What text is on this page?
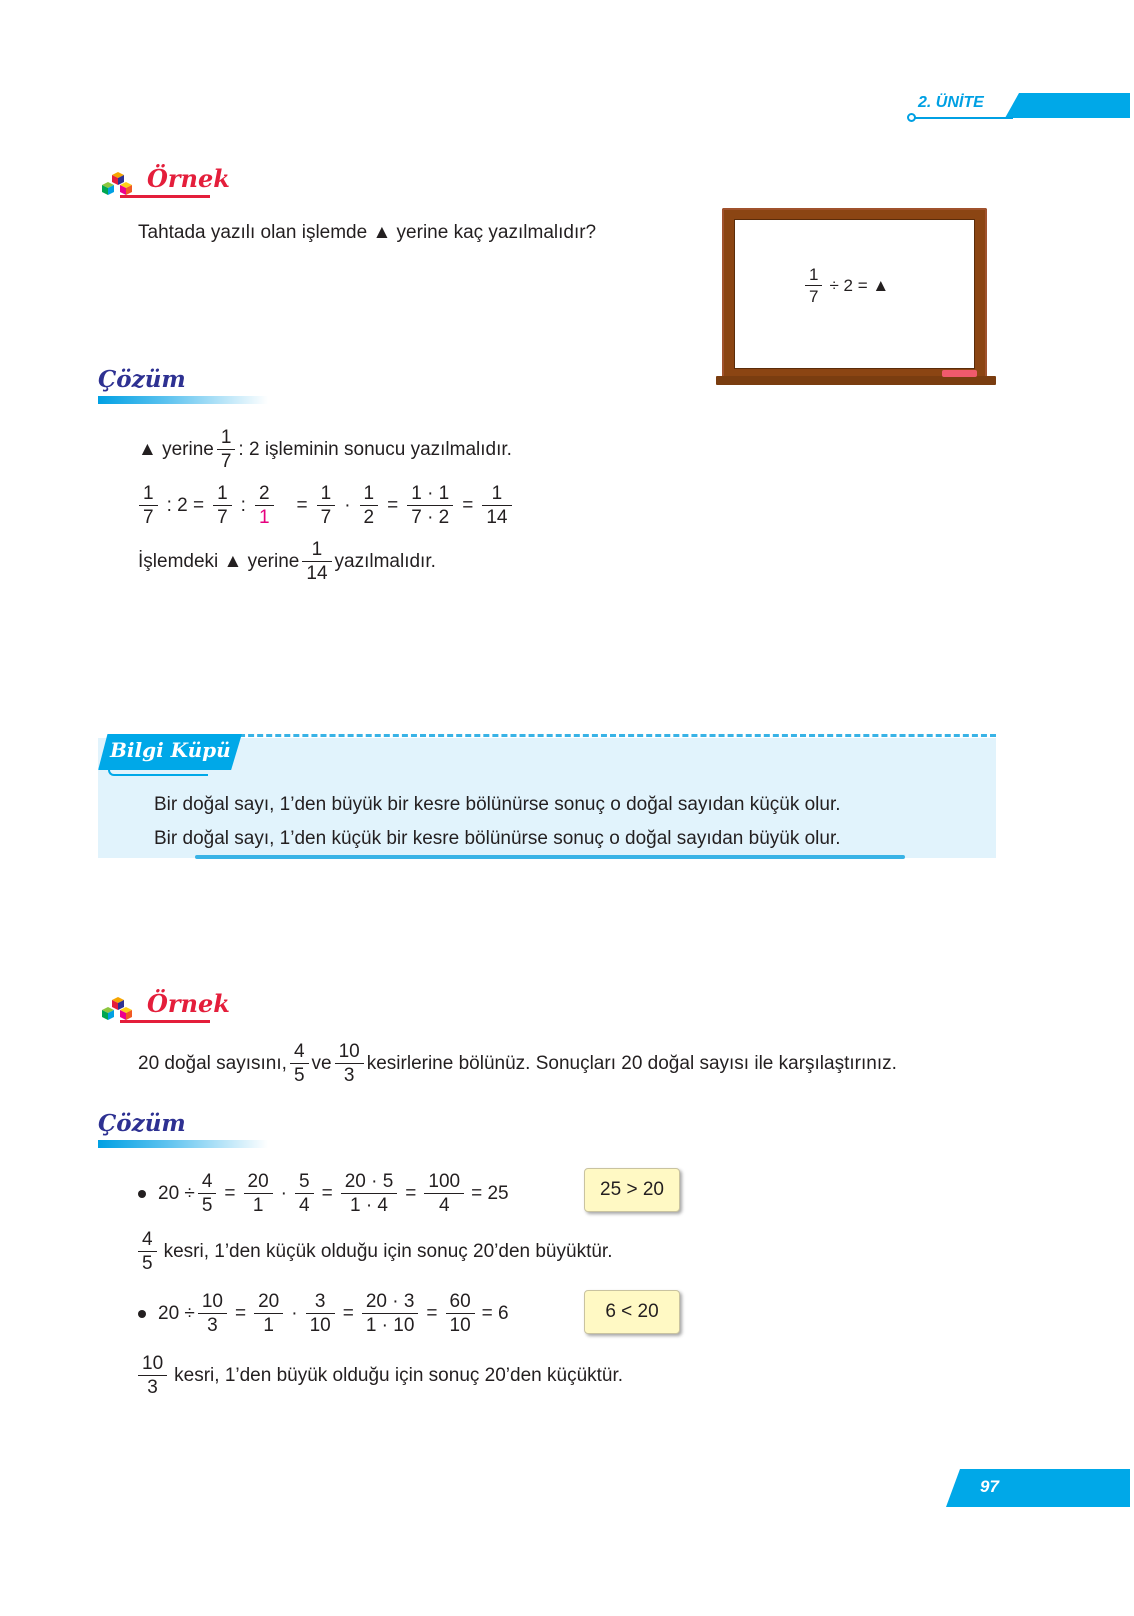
2. ÜNİTE
Örnek
Tahtada yazılı olan işlemde ▲ yerine kaç yazılmalıdır?
$\frac{1}{7} \div 2$ = ▲
Çözüm
▲ yerine $\frac{1}{7}$ : 2 işleminin sonucu yazılmalıdır.
$\frac{1}{7}$ : $2 = \frac{1}{7}$ : $\frac{2}{1} = \frac{1}{7} \cdot \frac{1}{2} = \frac{1 \cdot 1}{7 \cdot 2} = \frac{1}{14}$
İşlemdeki ▲ yerine $\frac{1}{14}$ yazılmalıdır.
Bilgi Küpü
Bir doğal sayı, 1’den büyük bir kesre bölünürse sonuç o doğal sayıdan küçük olur.
Bir doğal sayı, 1’den küçük bir kesre bölünürse sonuç o doğal sayıdan büyük olur.
Örnek
20 doğal sayısını, $\frac{4}{5}$ ve $\frac{10}{3}$ kesirlerine bölünüz. Sonuçları 20 doğal sayısı ile karşılaştırınız.
Çözüm
$20 \div \frac{4}{5} = \frac{20}{1} \cdot \frac{5}{4} = \frac{20 \cdot 5}{1 \cdot 4} = \frac{100}{4} = 25$	25 > 20
$\frac{4}{5}$ kesri, 1’den küçük olduğu için sonuç 20’den büyüktür.
$20 \div \frac{10}{3} = \frac{20}{1} \cdot \frac{3}{10} = \frac{20 \cdot 3}{1 \cdot 10} = \frac{60}{10} = 6$	6 < 20
$\frac{10}{3}$ kesri, 1’den büyük olduğu için sonuç 20’den küçüktür.
97
